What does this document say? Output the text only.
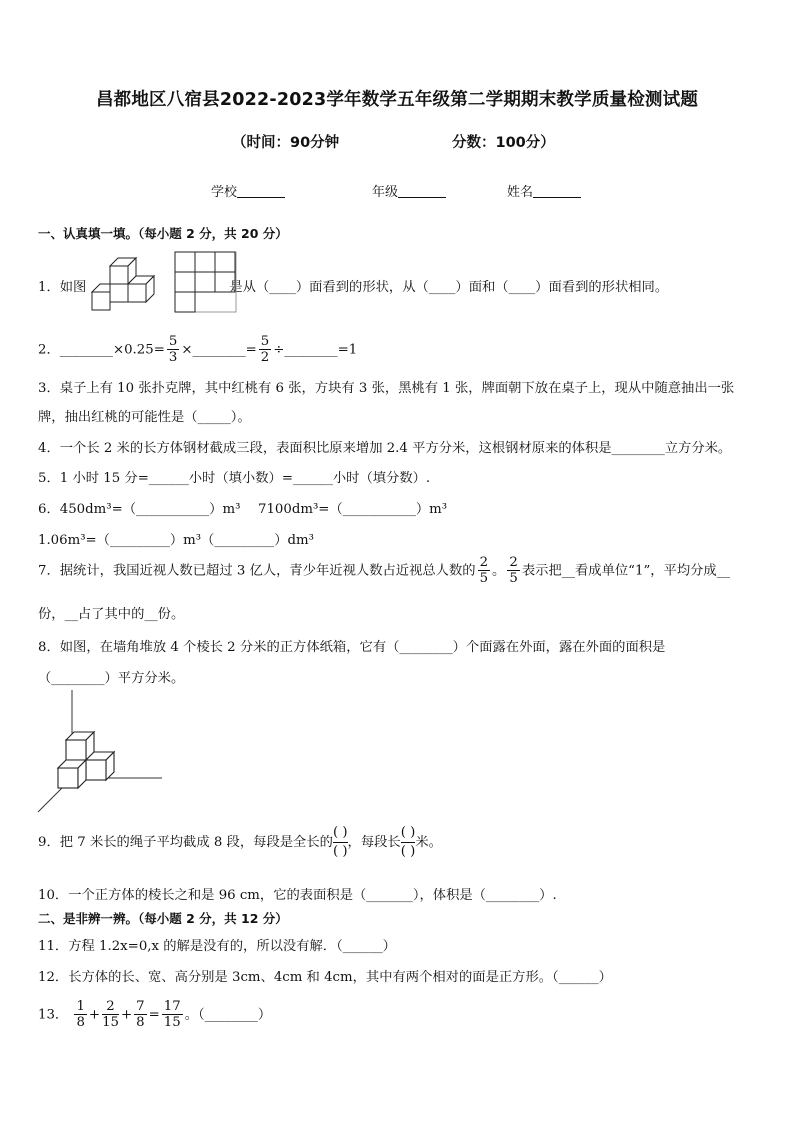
昌都地区八宿县2022-2023学年数学五年级第二学期期末教学质量检测试题
（时间：90分钟	分数：100分）
学校	年级	姓名
一、认真填一填。（每小题 2 分，共 20 分）
1．如图	是从（____）面看到的形状，从（____）面和（____）面看到的形状相同。
2．________×0.25= $\frac{5}{3}$ ×________= $\frac{5}{2}$ ÷________=1
3．桌子上有 10 张扑克牌，其中红桃有 6 张，方块有 3 张，黑桃有 1 张，牌面朝下放在桌子上，现从中随意抽出一张
牌，抽出红桃的可能性是（_____）。
4．一个长 2 米的长方体钢材截成三段，表面积比原来增加 2.4 平方分米，这根钢材原来的体积是________立方分米。
5．1 小时 15 分=______小时（填小数）=______小时（填分数）.
6．450dm³=（___________）m³ 7100dm³=（___________）m³
1.06m³=（_________）m³（_________）dm³
7．据统计，我国近视人数已超过 3 亿人，青少年近视人数占近视总人数的 $\frac{2}{5}$ 。 $\frac{2}{5}$ 表示把__看成单位“1”，平均分成__
份，__占了其中的__份。
8．如图，在墙角堆放 4 个棱长 2 分米的正方体纸箱，它有（________）个面露在外面，露在外面的面积是
（________）平方分米。
9．把 7 米长的绳子平均截成 8 段，每段是全长的 $\frac{( )}{( )}$ ，每段长 $\frac{( )}{( )}$ 米。
10．一个正方体的棱长之和是 96 cm，它的表面积是（_______），体积是（________）.
二、是非辨一辨。（每小题 2 分，共 12 分）
11．方程 1.2x=0,x 的解是没有的，所以没有解．（______）
12．长方体的长、宽、高分别是 3cm、4cm 和 4cm，其中有两个相对的面是正方形。（______）
13． $\frac{1}{8} + \frac{2}{15} + \frac{7}{8} = \frac{17}{15}$ 。（________）
